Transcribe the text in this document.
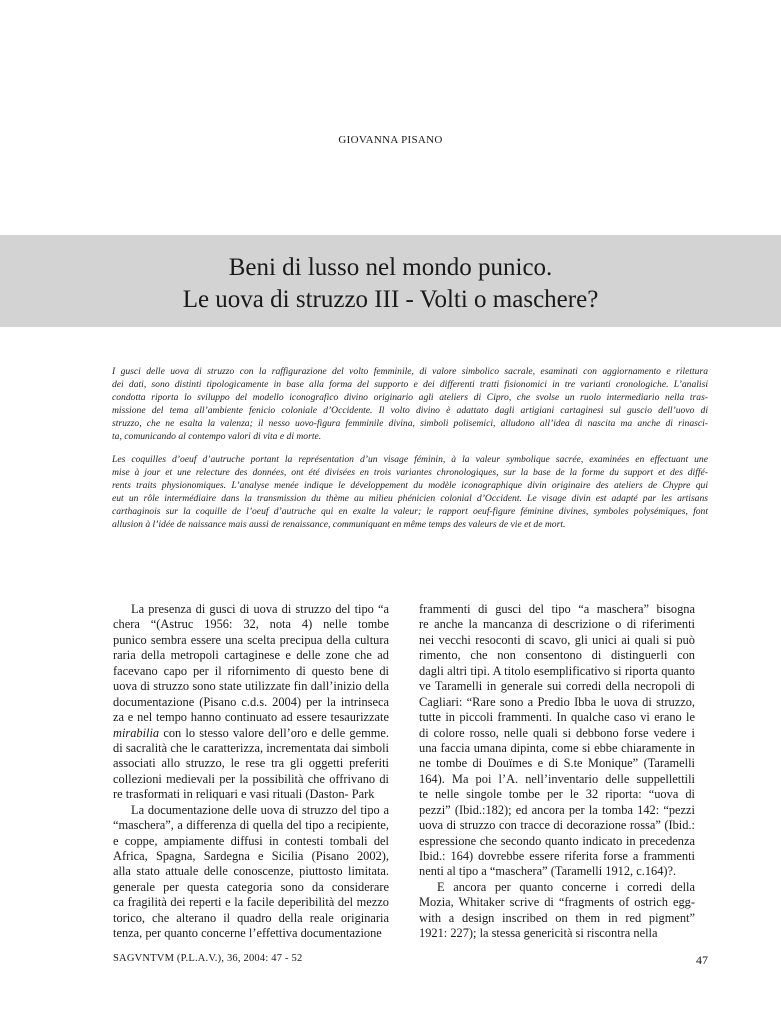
GIOVANNA PISANO
Beni di lusso nel mondo punico.
Le uova di struzzo III - Volti o maschere?
I gusci delle uova di struzzo con la raffigurazione del volto femminile, di valore simbolico sacrale, esaminati con aggiornamento e rilettura
dei dati, sono distinti tipologicamente in base alla forma del supporto e dei differenti tratti fisionomici in tre varianti cronologiche. L’analisi
condotta riporta lo sviluppo del modello iconografico divino originario agli ateliers di Cipro, che svolse un ruolo intermediario nella tras-
missione del tema all’ambiente fenicio coloniale d’Occidente. Il volto divino è adattato dagli artigiani cartaginesi sul guscio dell’uovo di
struzzo, che ne esalta la valenza; il nesso uovo-figura femminile divina, simboli polisemici, alludono all’idea di nascita ma anche di rinasci-
ta, comunicando al contempo valori di vita e di morte.
Les coquilles d’oeuf d’autruche portant la représentation d’un visage féminin, à la valeur symbolique sacrée, examinées en effectuant une
mise à jour et une relecture des données, ont été divisées en trois variantes chronologiques, sur la base de la forme du support et des diffé-
rents traits physionomiques. L’analyse menée indique le développement du modèle iconographique divin originaire des ateliers de Chypre qui
eut un rôle intermédiaire dans la transmission du thème au milieu phénicien colonial d’Occident. Le visage divin est adapté par les artisans
carthaginois sur la coquille de l’oeuf d’autruche qui en exalte la valeur; le rapport oeuf-figure féminine divines, symboles polysémiques, font
allusion à l’idée de naissance mais aussi de renaissance, communiquant en même temps des valeurs de vie et de mort.
La presenza di gusci di uova di struzzo del tipo “a
chera “(Astruc 1956: 32, nota 4) nelle tombe
punico sembra essere una scelta precipua della cultura
raria della metropoli cartaginese e delle zone che ad
facevano capo per il rifornimento di questo bene di
uova di struzzo sono state utilizzate fin dall’inizio della
documentazione (Pisano c.d.s. 2004) per la intrinseca
za e nel tempo hanno continuato ad essere tesaurizzate
mirabilia con lo stesso valore dell’oro e delle gemme.
di sacralità che le caratterizza, incrementata dai simboli
associati allo struzzo, le rese tra gli oggetti preferiti
collezioni medievali per la possibilità che offrivano di
re trasformati in reliquari e vasi rituali (Daston- Park
La documentazione delle uova di struzzo del tipo a
“maschera”, a differenza di quella del tipo a recipiente,
e coppe, ampiamente diffusi in contesti tombali del
Africa, Spagna, Sardegna e Sicilia (Pisano 2002),
alla stato attuale delle conoscenze, piuttosto limitata.
generale per questa categoria sono da considerare
ca fragilità dei reperti e la facile deperibilità del mezzo
torico, che alterano il quadro della reale originaria
tenza, per quanto concerne l’effettiva documentazione
frammenti di gusci del tipo “a maschera” bisogna
re anche la mancanza di descrizione o di riferimenti
nei vecchi resoconti di scavo, gli unici ai quali si può
rimento, che non consentono di distinguerli con
dagli altri tipi. A titolo esemplificativo si riporta quanto
ve Taramelli in generale sui corredi della necropoli di
Cagliari: “Rare sono a Predio Ibba le uova di struzzo,
tutte in piccoli frammenti. In qualche caso vi erano le
di colore rosso, nelle quali si debbono forse vedere i
una faccia umana dipinta, come si ebbe chiaramente in
ne tombe di Douïmes e di S.te Monique” (Taramelli
164). Ma poi l’A. nell’inventario delle suppellettili
te nelle singole tombe per le 32 riporta: “uova di
pezzi” (Ibid.:182); ed ancora per la tomba 142: “pezzi
uova di struzzo con tracce di decorazione rossa” (Ibid.:
espressione che secondo quanto indicato in precedenza
Ibid.: 164) dovrebbe essere riferita forse a frammenti
nenti al tipo a “maschera” (Taramelli 1912, c.164)?.
E ancora per quanto concerne i corredi della
Mozia, Whitaker scrive di “fragments of ostrich egg-
with a design inscribed on them in red pigment”
1921: 227); la stessa genericità si riscontra nella
SAGVNTVM (P.L.A.V.), 36, 2004: 47 - 52	47
